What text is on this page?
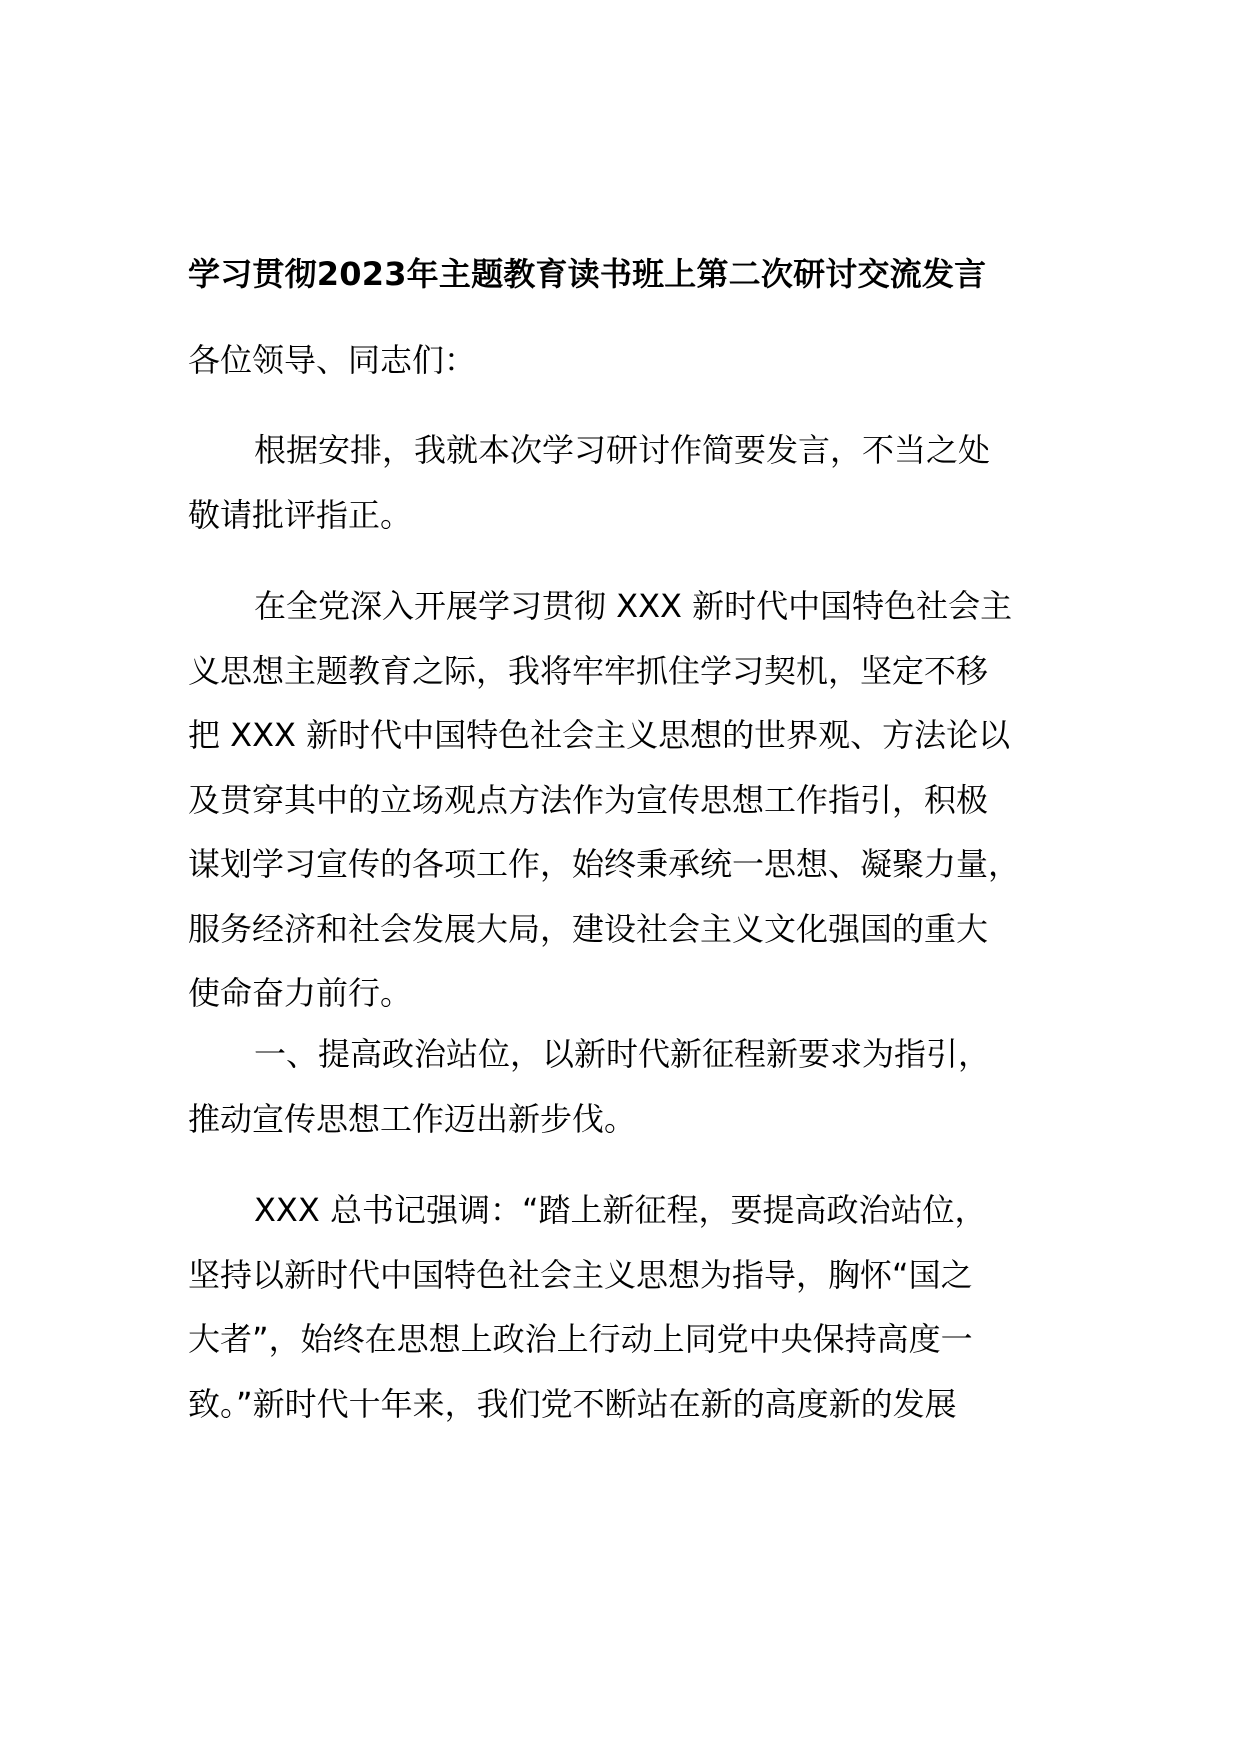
学习贯彻2023年主题教育读书班上第二次研讨交流发言
各位领导、同志们：
根据安排，我就本次学习研讨作简要发言，不当之处
敬请批评指正。
在全党深入开展学习贯彻 XXX 新时代中国特色社会主
义思想主题教育之际，我将牢牢抓住学习契机，坚定不移
把 XXX 新时代中国特色社会主义思想的世界观、方法论以
及贯穿其中的立场观点方法作为宣传思想工作指引，积极
谋划学习宣传的各项工作，始终秉承统一思想、凝聚力量，
服务经济和社会发展大局，建设社会主义文化强国的重大
使命奋力前行。
一、提高政治站位，以新时代新征程新要求为指引，
推动宣传思想工作迈出新步伐。
XXX 总书记强调：“踏上新征程，要提高政治站位，
坚持以新时代中国特色社会主义思想为指导，胸怀“国之
大者”，始终在思想上政治上行动上同党中央保持高度一
致。”新时代十年来，我们党不断站在新的高度新的发展
